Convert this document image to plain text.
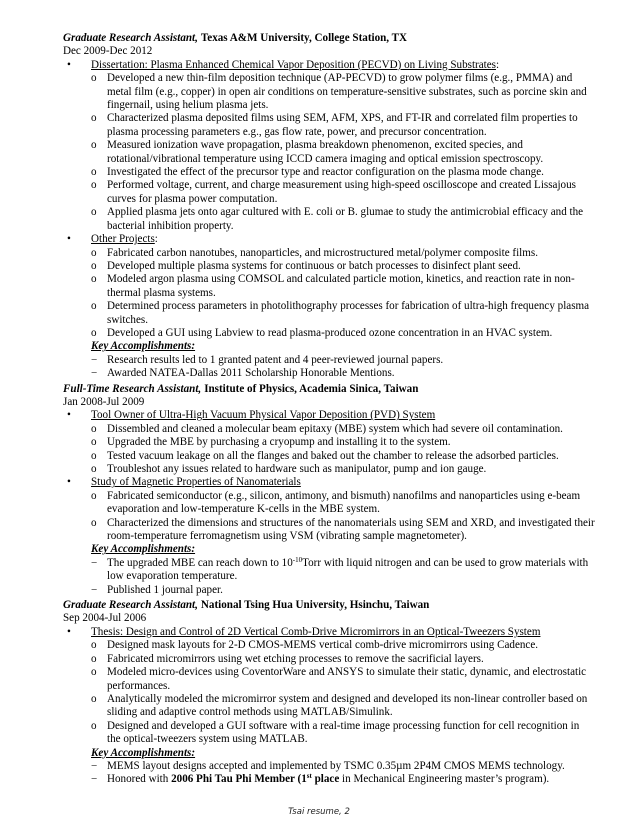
Graduate Research Assistant, Texas A&M University, College Station, TX
Dec 2009-Dec 2012
• Dissertation: Plasma Enhanced Chemical Vapor Deposition (PECVD) on Living Substrates:
o Developed a new thin-film deposition technique (AP-PECVD) to grow polymer films (e.g., PMMA) and metal film (e.g., copper) in open air conditions on temperature-sensitive substrates, such as porcine skin and fingernail, using helium plasma jets.
o Characterized plasma deposited films using SEM, AFM, XPS, and FT-IR and correlated film properties to plasma processing parameters e.g., gas flow rate, power, and precursor concentration.
o Measured ionization wave propagation, plasma breakdown phenomenon, excited species, and rotational/vibrational temperature using ICCD camera imaging and optical emission spectroscopy.
o Investigated the effect of the precursor type and reactor configuration on the plasma mode change.
o Performed voltage, current, and charge measurement using high-speed oscilloscope and created Lissajous curves for plasma power computation.
o Applied plasma jets onto agar cultured with E. coli or B. glumae to study the antimicrobial efficacy and the bacterial inhibition property.
• Other Projects:
o Fabricated carbon nanotubes, nanoparticles, and microstructured metal/polymer composite films.
o Developed multiple plasma systems for continuous or batch processes to disinfect plant seed.
o Modeled argon plasma using COMSOL and calculated particle motion, kinetics, and reaction rate in non-thermal plasma systems.
o Determined process parameters in photolithography processes for fabrication of ultra-high frequency plasma switches.
o Developed a GUI using Labview to read plasma-produced ozone concentration in an HVAC system.
Key Accomplishments:
− Research results led to 1 granted patent and 4 peer-reviewed journal papers.
− Awarded NATEA-Dallas 2011 Scholarship Honorable Mentions.
Full-Time Research Assistant, Institute of Physics, Academia Sinica, Taiwan
Jan 2008-Jul 2009
• Tool Owner of Ultra-High Vacuum Physical Vapor Deposition (PVD) System
o Dissembled and cleaned a molecular beam epitaxy (MBE) system which had severe oil contamination.
o Upgraded the MBE by purchasing a cryopump and installing it to the system.
o Tested vacuum leakage on all the flanges and baked out the chamber to release the adsorbed particles.
o Troubleshot any issues related to hardware such as manipulator, pump and ion gauge.
• Study of Magnetic Properties of Nanomaterials
o Fabricated semiconductor (e.g., silicon, antimony, and bismuth) nanofilms and nanoparticles using e-beam evaporation and low-temperature K-cells in the MBE system.
o Characterized the dimensions and structures of the nanomaterials using SEM and XRD, and investigated their room-temperature ferromagnetism using VSM (vibrating sample magnetometer).
Key Accomplishments:
− The upgraded MBE can reach down to $10^{-10}Torr$ with liquid nitrogen and can be used to grow materials with low evaporation temperature.
− Published 1 journal paper.
Graduate Research Assistant, National Tsing Hua University, Hsinchu, Taiwan
Sep 2004-Jul 2006
• Thesis: Design and Control of 2D Vertical Comb-Drive Micromirrors in an Optical-Tweezers System
o Designed mask layouts for 2-D CMOS-MEMS vertical comb-drive micromirrors using Cadence.
o Fabricated micromirrors using wet etching processes to remove the sacrificial layers.
o Modeled micro-devices using CoventorWare and ANSYS to simulate their static, dynamic, and electrostatic performances.
o Analytically modeled the micromirror system and designed and developed its non-linear controller based on sliding and adaptive control methods using MATLAB/Simulink.
o Designed and developed a GUI software with a real-time image processing function for cell recognition in the optical-tweezers system using MATLAB.
Key Accomplishments:
− MEMS layout designs accepted and implemented by TSMC 0.35µm 2P4M CMOS MEMS technology.
− Honored with 2006 Phi Tau Phi Member (1st place in Mechanical Engineering master’s program).
Tsai resume, 2
